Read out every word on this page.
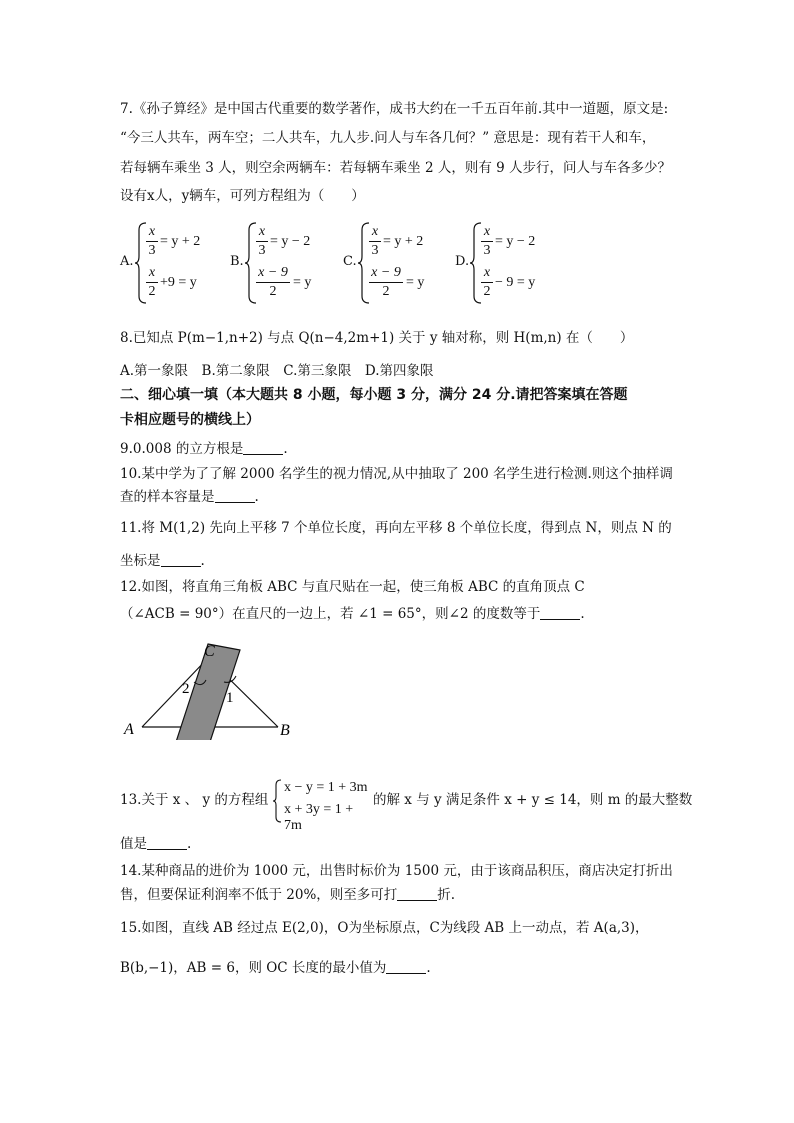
7.《孙子算经》是中国古代重要的数学著作，成书大约在一千五百年前.其中一道题，原文是:
“今三人共车，两车空；二人共车，九人步.问人与车各几何？” 意思是：现有若干人和车，
若每辆车乘坐 3 人，则空余两辆车：若每辆车乘坐 2 人，则有 9 人步行，问人与车各多少？
设有x人，y辆车，可列方程组为（　　）
A.
x
3
= y + 2
x
2
+9 = y
B.
x
3
= y − 2
x − 9
2
= y
C.
x
3
= y + 2
x − 9
2
= y
D.
x
3
= y − 2
x
2
− 9 = y
8.已知点 P(m−1,n+2) 与点 Q(n−4,2m+1) 关于 y 轴对称，则 H(m,n) 在（　　）
A.第一象限　B.第二象限　C.第三象限　D.第四象限
二、细心填一填（本大题共 8 小题，每小题 3 分，满分 24 分.请把答案填在答题
卡相应题号的横线上）
9.0.008 的立方根是	.
10.某中学为了了解 2000 名学生的视力情况,从中抽取了 200 名学生进行检测.则这个抽样调
查的样本容量是	.
11.将 M(1,2) 先向上平移 7 个单位长度，再向左平移 8 个单位长度，得到点 N，则点 N 的
坐标是	.
12.如图，将直角三角板 ABC 与直尺贴在一起，使三角板 ABC 的直角顶点 C
（∠ACB = 90°）在直尺的一边上，若 ∠1 = 65°，则∠2 的度数等于	.
C
A	B
2
1
13.关于 x 、 y 的方程组
x − y = 1 + 3m
x + 3y = 1 + 7m
的解 x 与 y 满足条件 x + y ≤ 14，则 m 的最大整数
值是	.
14.某种商品的进价为 1000 元，出售时标价为 1500 元，由于该商品积压，商店决定打折出
售，但要保证利润率不低于 20%，则至多可打	折.
15.如图，直线 AB 经过点 E(2,0)，O为坐标原点，C为线段 AB 上一动点，若 A(a,3)，
B(b,−1)，AB = 6，则 OC 长度的最小值为	.
